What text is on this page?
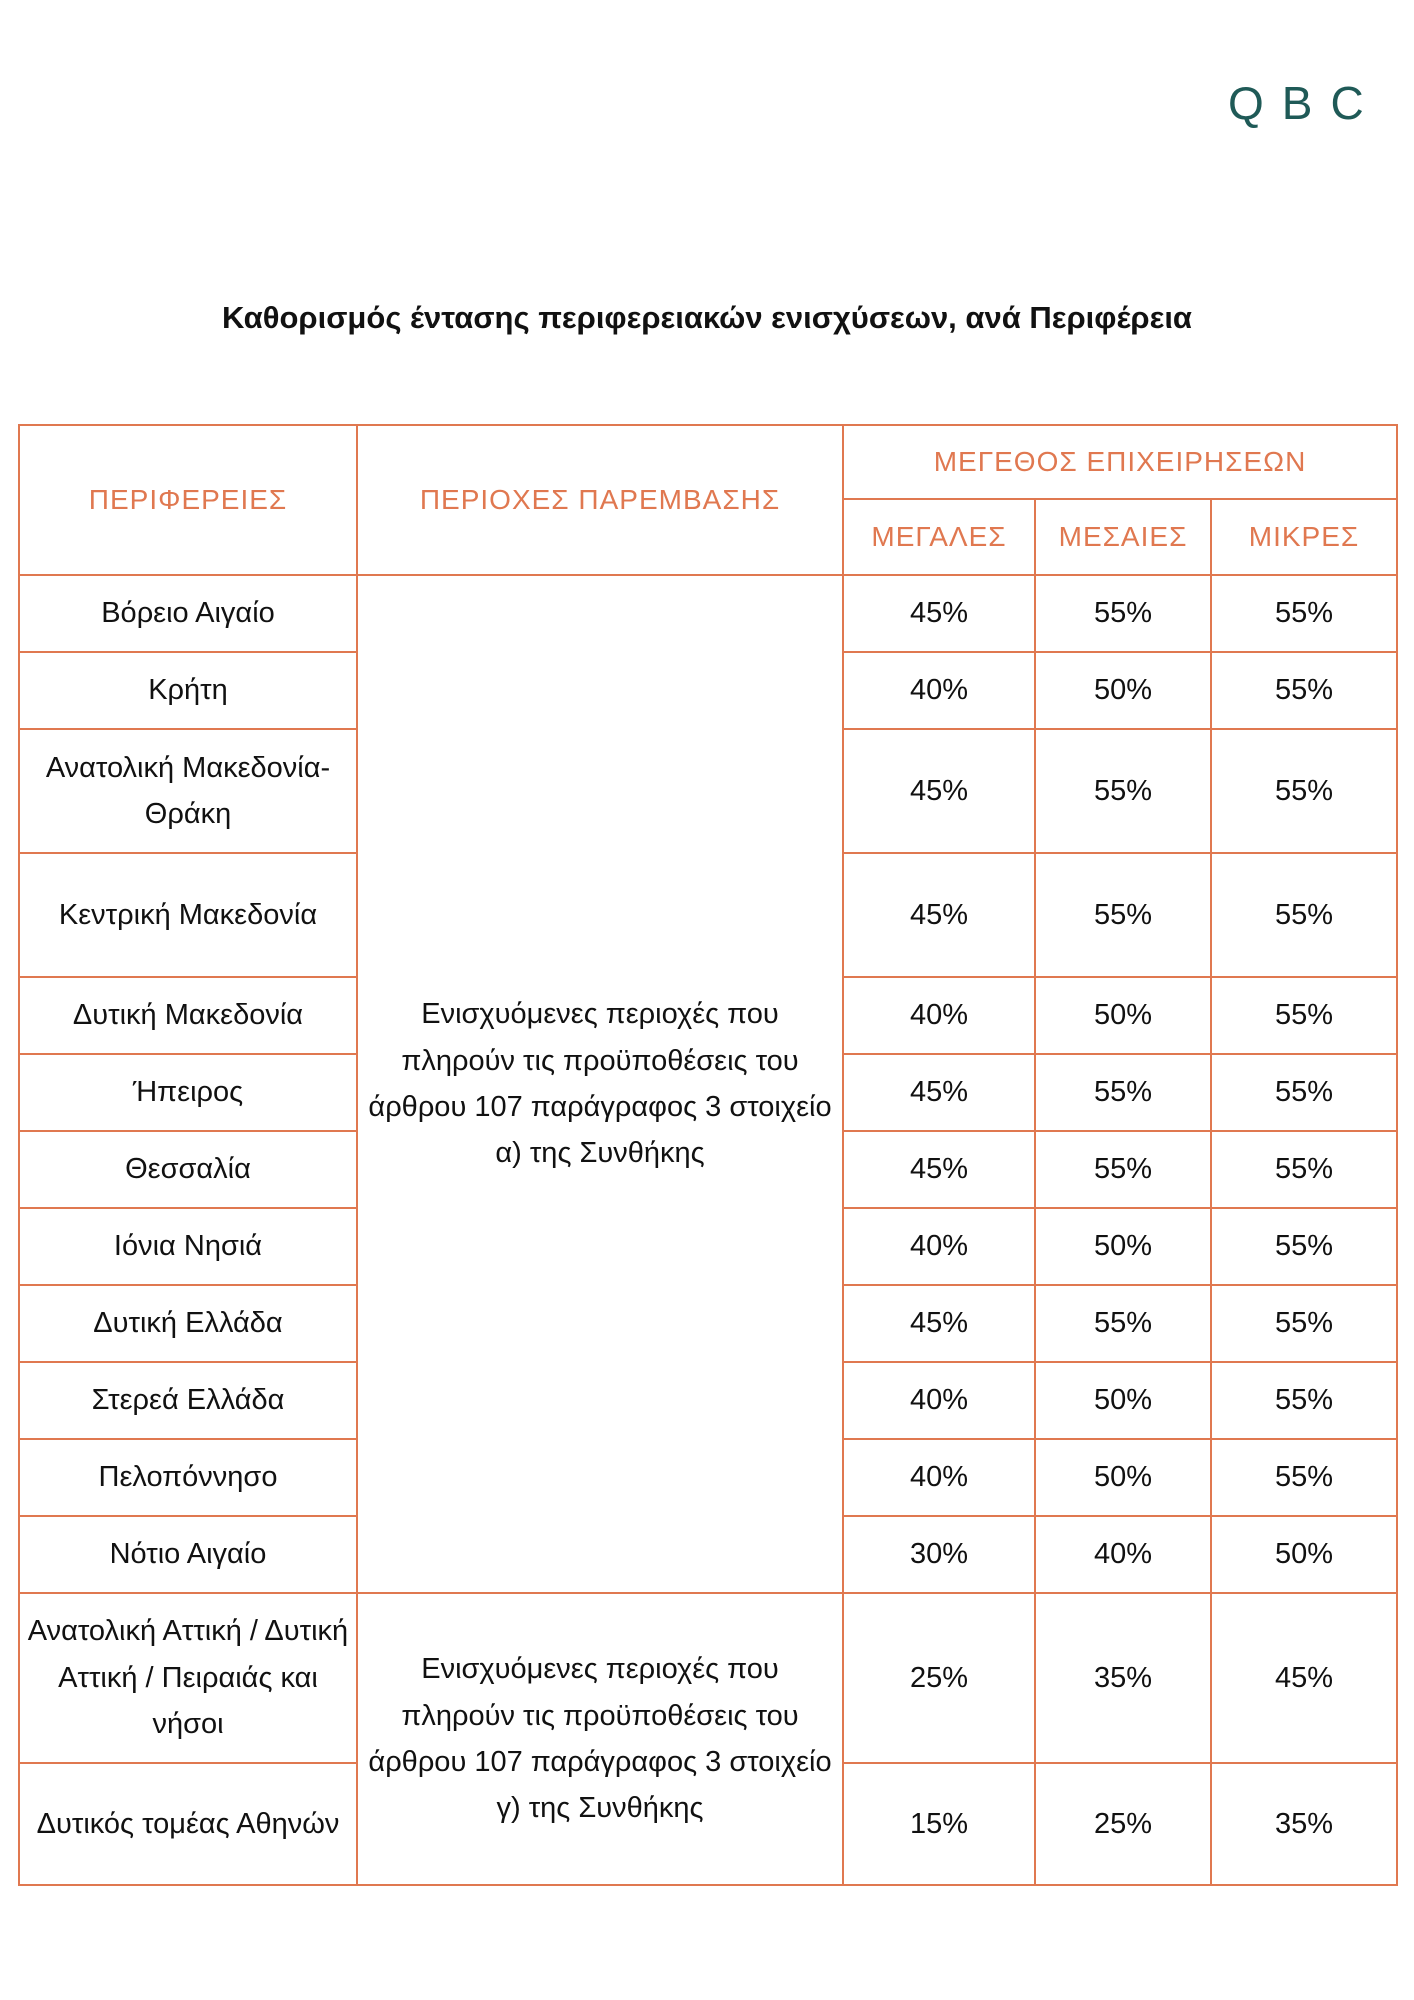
Q B C
Καθορισμός έντασης περιφερειακών ενισχύσεων, ανά Περιφέρεια
ΠΕΡΙΦΕΡΕΙΕΣ	ΠΕΡΙΟΧΕΣ ΠΑΡΕΜΒΑΣΗΣ	ΜΕΓΕΘΟΣ ΕΠΙΧΕΙΡΗΣΕΩΝ		
		ΜΕΓΑΛΕΣ	ΜΕΣΑΙΕΣ	ΜΙΚΡΕΣ
Βόρειο Αιγαίο	Ενισχυόμενες περιοχές που πληρούν τις προϋποθέσεις του άρθρου 107 παράγραφος 3 στοιχείο α) της Συνθήκης	45%	55%	55%
Κρήτη		40%	50%	55%
Ανατολική Μακεδονία-Θράκη		45%	55%	55%
Κεντρική Μακεδονία		45%	55%	55%
Δυτική Μακεδονία		40%	50%	55%
Ήπειρος		45%	55%	55%
Θεσσαλία		45%	55%	55%
Ιόνια Νησιά		40%	50%	55%
Δυτική Ελλάδα		45%	55%	55%
Στερεά Ελλάδα		40%	50%	55%
Πελοπόννησο		40%	50%	55%
Νότιο Αιγαίο		30%	40%	50%
Ανατολική Αττική / Δυτική Αττική / Πειραιάς και νήσοι	Ενισχυόμενες περιοχές που πληρούν τις προϋποθέσεις του άρθρου 107 παράγραφος 3 στοιχείο γ) της Συνθήκης	25%	35%	45%
Δυτικός τομέας Αθηνών		15%	25%	35%
